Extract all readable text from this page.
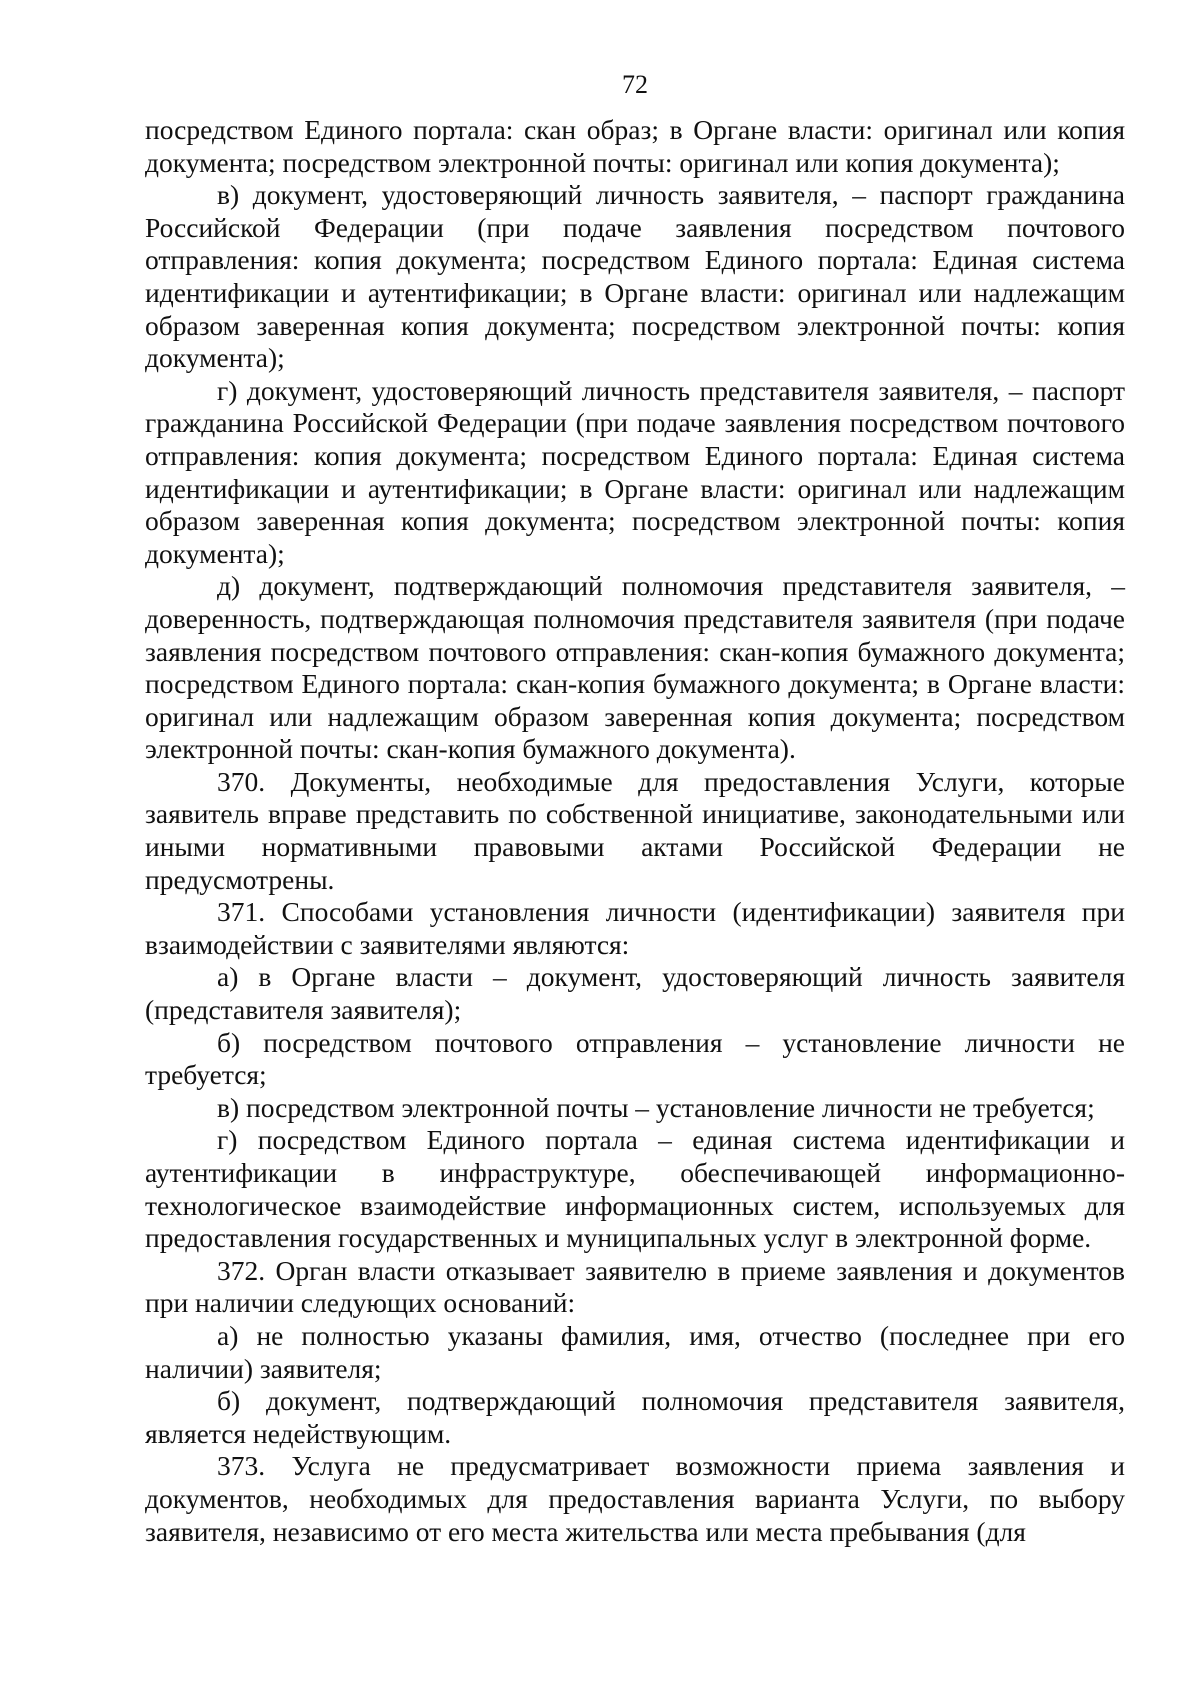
72

посредством Единого портала: скан образ; в Органе власти: оригинал или копия документа; посредством электронной почты: оригинал или копия документа);

в) документ, удостоверяющий личность заявителя, – паспорт гражданина Российской Федерации (при подаче заявления посредством почтового отправления: копия документа; посредством Единого портала: Единая система идентификации и аутентификации; в Органе власти: оригинал или надлежащим образом заверенная копия документа; посредством электронной почты: копия документа);

г) документ, удостоверяющий личность представителя заявителя, – паспорт гражданина Российской Федерации (при подаче заявления посредством почтового отправления: копия документа; посредством Единого портала: Единая система идентификации и аутентификации; в Органе власти: оригинал или надлежащим образом заверенная копия документа; посредством электронной почты: копия документа);

д) документ, подтверждающий полномочия представителя заявителя, – доверенность, подтверждающая полномочия представителя заявителя (при подаче заявления посредством почтового отправления: скан-копия бумажного документа; посредством Единого портала: скан-копия бумажного документа; в Органе власти: оригинал или надлежащим образом заверенная копия документа; посредством электронной почты: скан-копия бумажного документа).

370. Документы, необходимые для предоставления Услуги, которые заявитель вправе представить по собственной инициативе, законодательными или иными нормативными правовыми актами Российской Федерации не предусмотрены.

371. Способами установления личности (идентификации) заявителя при взаимодействии с заявителями являются:

а) в Органе власти – документ, удостоверяющий личность заявителя (представителя заявителя);

б) посредством почтового отправления – установление личности не требуется;

в) посредством электронной почты – установление личности не требуется;

г) посредством Единого портала – единая система идентификации и аутентификации в инфраструктуре, обеспечивающей информационно-технологическое взаимодействие информационных систем, используемых для предоставления государственных и муниципальных услуг в электронной форме.

372. Орган власти отказывает заявителю в приеме заявления и документов при наличии следующих оснований:

а) не полностью указаны фамилия, имя, отчество (последнее при его наличии) заявителя;

б) документ, подтверждающий полномочия представителя заявителя, является недействующим.

373. Услуга не предусматривает возможности приема заявления и документов, необходимых для предоставления варианта Услуги, по выбору заявителя, независимо от его места жительства или места пребывания (для
